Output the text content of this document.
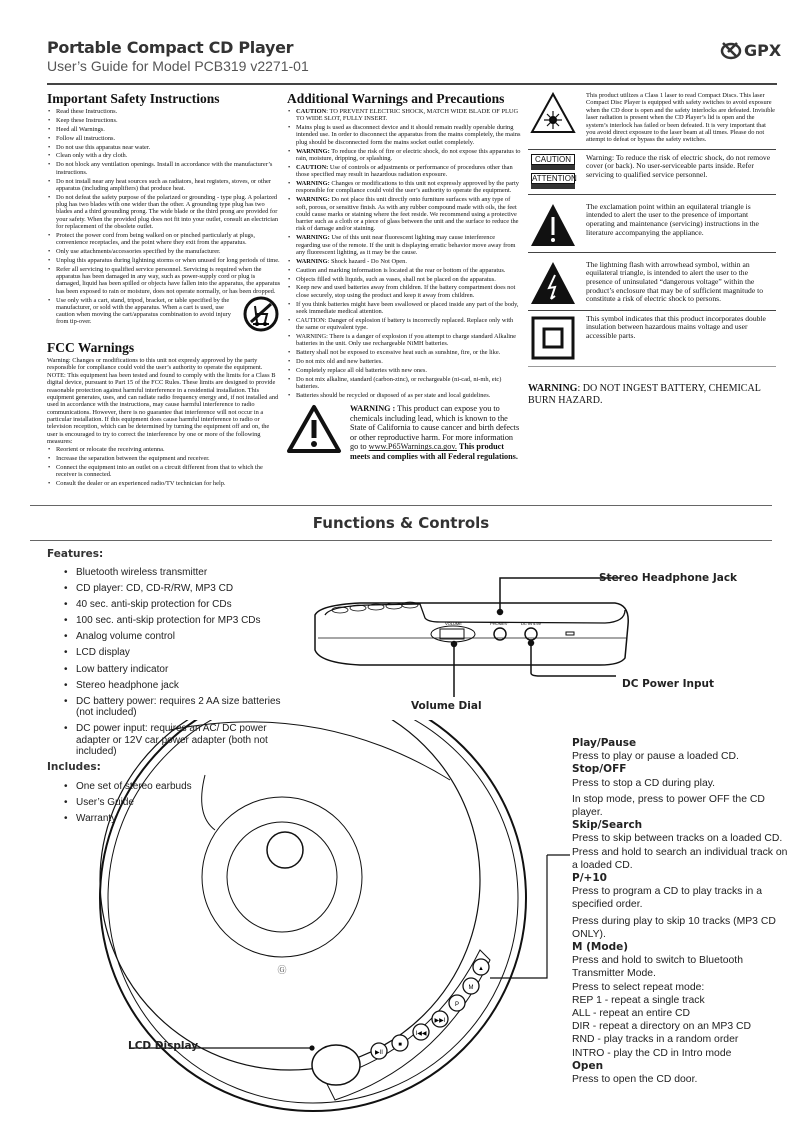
Portable Compact CD Player
User’s Guide for Model PCB319 v2271-01
GPX
Important Safety Instructions
• Read these Instructions.
• Keep these Instructions.
• Heed all Warnings.
• Follow all instructions.
• Do not use this apparatus near water.
• Clean only with a dry cloth.
• Do not block any ventilation openings. Install in accordance with the manufacturer’s instructions.
• Do not install near any heat sources such as radiators, heat registers, stoves, or other apparatus (including amplifiers) that produce heat.
• Do not defeat the safety purpose of the polarized or grounding - type plug. A polarized plug has two blades with one wider than the other. A grounding type plug has two blades and a third grounding prong. The wide blade or the third prong are provided for your safety. When the provided plug does not fit into your outlet, consult an electrician for replacement of the obsolete outlet.
• Protect the power cord from being walked on or pinched particularly at plugs, convenience receptacles, and the point where they exit from the apparatus.
• Only use attachments/accessories specified by the manufacturer.
• Unplug this apparatus during lightning storms or when unused for long periods of time.
• Refer all servicing to qualified service personnel. Servicing is required when the apparatus has been damaged in any way, such as power-supply cord or plug is damaged, liquid has been spilled or objects have fallen into the apparatus, the apparatus has been exposed to rain or moisture, does not operate normally, or has been dropped.
• Use only with a cart, stand, tripod, bracket, or table specified by the manufacturer, or sold with the apparatus. When a cart is used, use caution when moving the cart/apparatus combination to avoid injury from tip-over.
FCC Warnings

Warning: Changes or modifications to this unit not expresly approved by the party responsible for compliance could void the user’s authority to operate the equipment.

NOTE: This equipment has been tested and found to comply with the limits for a Class B digital device, pursuant to Part 15 of the FCC Rules. These limits are designed to provide reasonable protection against harmful interference in a residential installation. This equipment generates, uses, and can radiate radio frequency energy and, if not installed and used in accordance with the instructions, may cause harmful interference to radio communications. However, there is no guarantee that interference will not occur in a particular installation. If this equipment does cause harmful interference to radio or television reception, which can be determined by turning the equipment off and on, the user is encouraged to try to correct the interference by one or more of the following measures:

• Reorient or relocate the receiving antenna.
• Increase the separation between the equipment and receiver.
• Connect the equipment into an outlet on a circuit different from that to which the receiver is connected.
• Consult the dealer or an experienced radio/TV technician for help.
Additional Warnings and Precautions
• CAUTION: TO PREVENT ELECTRIC SHOCK, MATCH WIDE BLADE OF PLUG TO WIDE SLOT, FULLY INSERT.
• Mains plug is used as disconnect device and it should remain readily operable during intended use. In order to disconnect the apparatus from the mains completely, the mains plug should be disconnected form the mains socket outlet completely.
• WARNING: To reduce the risk of fire or electric shock, do not expose this apparatus to rain, moisture, dripping, or splashing.
• CAUTION: Use of controls or adjustments or performance of procedures other than those specified may result in hazardous radiation exposure.
• WARNING: Changes or modifications to this unit not expressly approved by the party responsible for compliance could void the user’s authority to operate the equipment.
• WARNING: Do not place this unit directly onto furniture surfaces with any type of soft, porous, or sensitive finish. As with any rubber compound made with oils, the feet could cause marks or staining where the feet reside. We recommend using a protective barrier such as a cloth or a piece of glass between the unit and the surface to reduce the risk of damage and/or staining.
• WARNING: Use of this unit near fluorescent lighting may cause interference regarding use of the remote. If the unit is displaying erratic behavior move away from any fluorescent lighting, as it may be the cause.
• WARNING: Shock hazard - Do Not Open.
• Caution and marking information is located at the rear or bottom of the apparatus.
• Objects filled with liquids, such as vases, shall not be placed on the apparatus.
• Keep new and used batteries away from children. If the battery compartment does not close securely, stop using the product and keep it away from children.
• If you think batteries might have been swallowed or placed inside any part of the body, seek immediate medical attention.
• CAUTION: Danger of explosion if battery is incorrectly replaced. Replace only with the same or equivalent type.
• WARNING: There is a danger of explosion if you attempt to charge standard Alkaline batteries in the unit. Only use rechargeable NiMH batteries.
• Battery shall not be exposed to excessive heat such as sunshine, fire, or the like.
• Do not mix old and new batteries.
• Completely replace all old batteries with new ones.
• Do not mix alkaline, standard (carbon-zinc), or rechargeable (ni-cad, ni-mh, etc) batteries.
• Batteries should be recycled or disposed of as per state and local guidelines.
WARNING : This product can expose you to chemicals including lead, which is known to the State of California to cause cancer and birth defects or other reproductive harm. For more information go to www.P65Warnings.ca.gov. This product meets and complies with all Federal regulations.
This product utilizes a Class 1 laser to read Compact Discs. This laser Compact Disc Player is equipped with safety switches to avoid exposure when the CD door is open and the safety interlocks are defeated. Invisible laser radiation is present when the CD Player’s lid is open and the system’s interlock has failed or been defeated. It is very important that you avoid direct exposure to the laser beam at all times. Please do not attempt to defeat or bypass the safety switches.
CAUTION
ATTENTION
Warning: To reduce the risk of electric shock, do not remove cover (or back). No user-serviceable parts inside. Refer servicing to qualified service personnel.
The exclamation point within an equilateral triangle is intended to alert the user to the presence of important operating and maintenance (servicing) instructions in the literature accompanying the appliance.
The lightning flash with arrowhead symbol, within an equilateral triangle, is intended to alert the user to the presence of uninsulated “dangerous voltage” within the product’s enclosure that may be of sufficient magnitude to constitute a risk of electric shock to persons.
This symbol indicates that this product incorporates double insulation between hazardous mains voltage and user accessible parts.
WARNING: DO NOT INGEST BATTERY, CHEMICAL BURN HAZARD.
Functions & Controls
Ⓖ
▶II
■
I◀◀
▶▶I
P
M
▲
Features:
• Bluetooth wireless transmitter
• CD player: CD, CD-R/RW, MP3 CD
• 40 sec. anti-skip protection for CDs
• 100 sec. anti-skip protection for MP3 CDs
• Analog volume control
• LCD display
• Low battery indicator
• Stereo headphone jack
• DC battery power: requires 2 AA size batteries (not included)
• DC power input: requires an AC/ DC power adapter or 12V car power adapter (both not included)
Includes:
• One set of stereo earbuds
• User’s Guide
• Warranty
VOLUME	PHONES	DC IN 4.5V
Stereo Headphone Jack
DC Power Input
Volume Dial
LCD Display
Play/Pause
Press to play or pause a loaded CD.
Stop/OFF
Press to stop a CD during play.
In stop mode, press to power OFF the CD player.
Skip/Search
Press to skip between tracks on a loaded CD. Press and hold to search an individual track on a loaded CD.
P/+10
Press to program a CD to play tracks in a specified order.
Press during play to skip 10 tracks (MP3 CD ONLY).
M (Mode)
Press and hold to switch to Bluetooth Transmitter Mode.
Press to select repeat mode:
REP 1 - repeat a single track
ALL - repeat an entire CD
DIR - repeat a directory on an MP3 CD
RND - play tracks in a random order
INTRO - play the CD in Intro mode
Open
Press to open the CD door.
